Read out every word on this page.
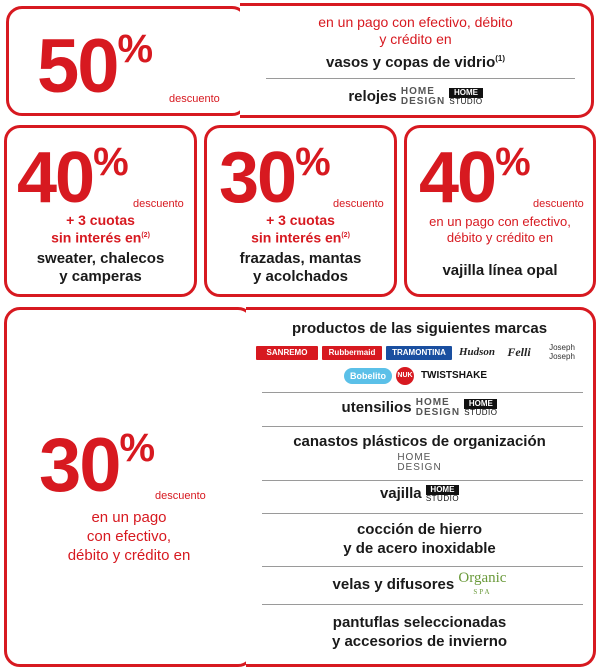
50%
descuento
en un pago con efectivo, débito
y crédito en
vasos y copas de vidrio$^{(1)}$
relojes HOME
DESIGN
HOME
STUDIO
40%
descuento
+ 3 cuotas
sin interés $en^{(2)}$
sweater, chalecos
y camperas
30%
descuento
+ 3 cuotas
sin interés $en^{(2)}$
frazadas, mantas
y acolchados
40%
descuento
en un pago con efectivo,
débito y crédito en
vajilla línea opal
30%
descuento
en un pago
con efectivo,
débito y crédito en
productos de las siguientes marcas
SANREMO	Rubbermaid	TRAMONTINA	Hudson	Felli	Joseph Joseph
Bobelito	NUK TWISTSHAKE
utensilios HOME
DESIGN
HOME
STUDIO
canastos plásticos de organización
HOME
DESIGN
vajilla	HOME
STUDIO
cocción de hierro
y de acero inoxidable
velas y difusores Organic
SPA
pantuflas seleccionadas
y accesorios de invierno
